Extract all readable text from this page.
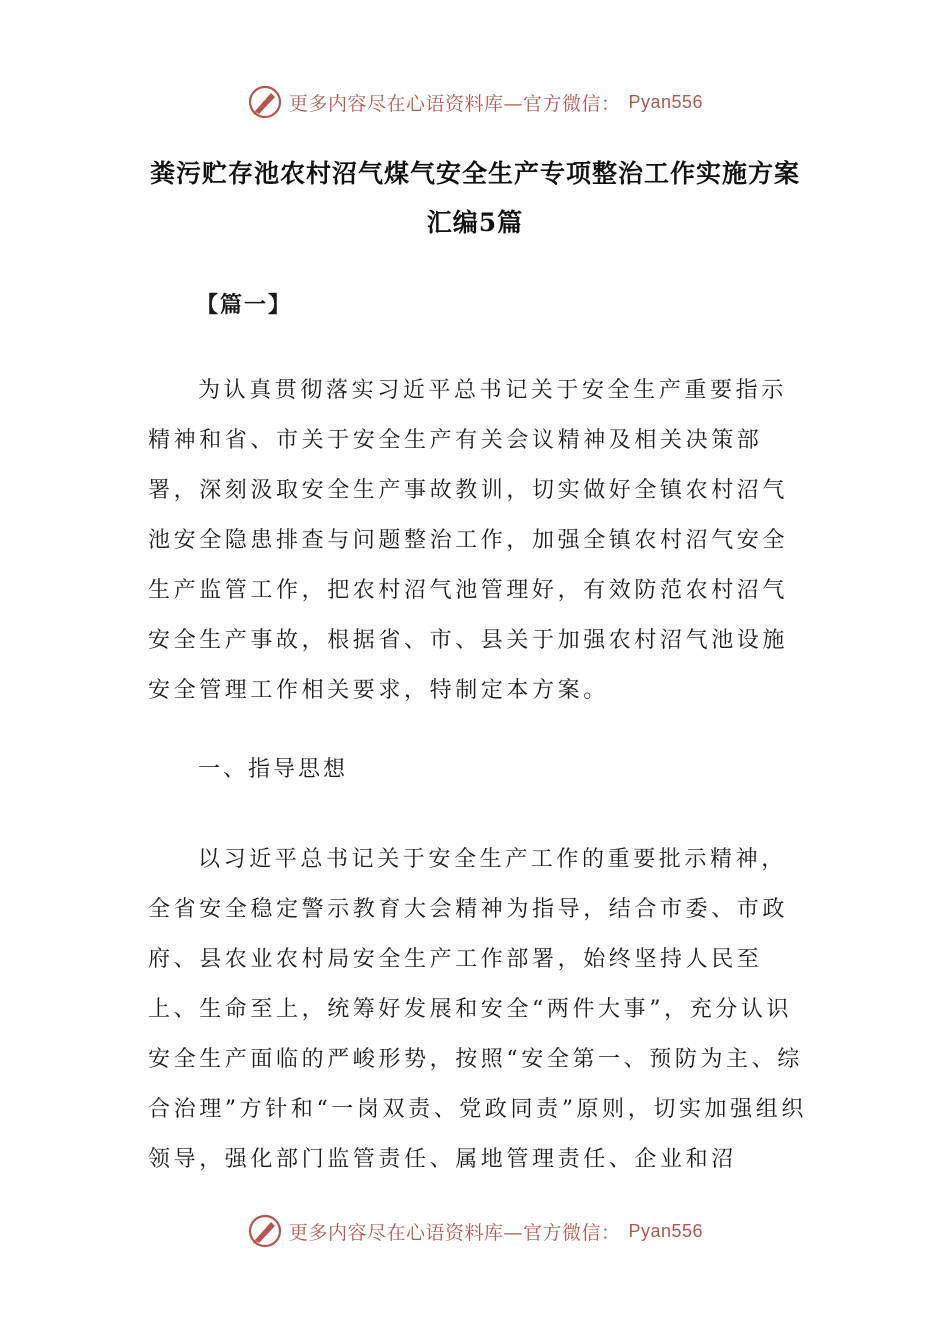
更多内容尽在心语资料库—官方微信： Pyan556
粪污贮存池农村沼气煤气安全生产专项整治工作实施方案
汇编5篇
【篇一】

为认真贯彻落实习近平总书记关于安全生产重要指示精神和省、市关于安全生产有关会议精神及相关决策部署，深刻汲取安全生产事故教训，切实做好全镇农村沼气池安全隐患排查与问题整治工作，加强全镇农村沼气安全生产监管工作，把农村沼气池管理好，有效防范农村沼气安全生产事故，根据省、市、县关于加强农村沼气池设施安全管理工作相关要求，特制定本方案。

一、指导思想

以习近平总书记关于安全生产工作的重要批示精神，全省安全稳定警示教育大会精神为指导，结合市委、市政府、县农业农村局安全生产工作部署，始终坚持人民至上、生命至上，统筹好发展和安全“两件大事”，充分认识安全生产面临的严峻形势，按照“安全第一、预防为主、综合治理”方针和“一岗双责、党政同责”原则，切实加强组织领导，强化部门监管责任、属地管理责任、企业和沼

更多内容尽在心语资料库—官方微信： Pyan556
